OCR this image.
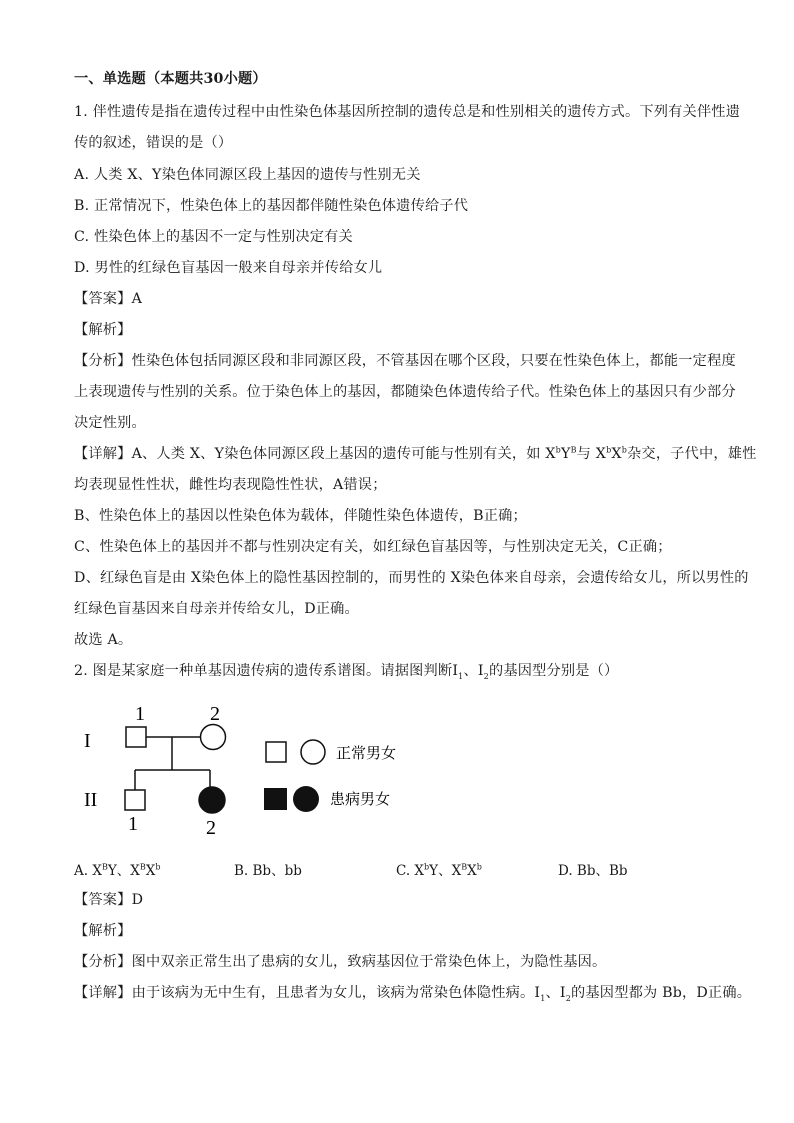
一、单选题（本题共30小题）
1. 伴性遗传是指在遗传过程中由性染色体基因所控制的遗传总是和性别相关的遗传方式。下列有关伴性遗
传的叙述，错误的是（）
A. 人类 X、Y染色体同源区段上基因的遗传与性别无关
B. 正常情况下，性染色体上的基因都伴随性染色体遗传给子代
C. 性染色体上的基因不一定与性别决定有关
D. 男性的红绿色盲基因一般来自母亲并传给女儿
【答案】A
【解析】
【分析】性染色体包括同源区段和非同源区段，不管基因在哪个区段，只要在性染色体上，都能一定程度
上表现遗传与性别的关系。位于染色体上的基因，都随染色体遗传给子代。性染色体上的基因只有少部分
决定性别。
【详解】A、人类 X、Y染色体同源区段上基因的遗传可能与性别有关，如 $X^bY^B$与 $X^bX^b$杂交，子代中，雄性
均表现显性性状，雌性均表现隐性性状，A错误；
B、性染色体上的基因以性染色体为载体，伴随性染色体遗传，B正确；
C、性染色体上的基因并不都与性别决定有关，如红绿色盲基因等，与性别决定无关，C正确；
D、红绿色盲是由 X染色体上的隐性基因控制的，而男性的 X染色体来自母亲，会遗传给女儿，所以男性的
红绿色盲基因来自母亲并传给女儿，D正确。
故选 A。
2. 图是某家庭一种单基因遗传病的遗传系谱图。请据图判断$Ⅰ_1$、$Ⅰ_2$的基因型分别是（）
I
II
1	2
1	2
正常男女
患病男女
A. $X^BY$、$X^BX^b$	B. Bb、bb	C. $X^bY$、$X^BX^b$	D. Bb、Bb
【答案】D
【解析】
【分析】图中双亲正常生出了患病的女儿，致病基因位于常染色体上，为隐性基因。
【详解】由于该病为无中生有，且患者为女儿，该病为常染色体隐性病。$Ⅰ_1$、$Ⅰ_2$的基因型都为 Bb，D正确。
